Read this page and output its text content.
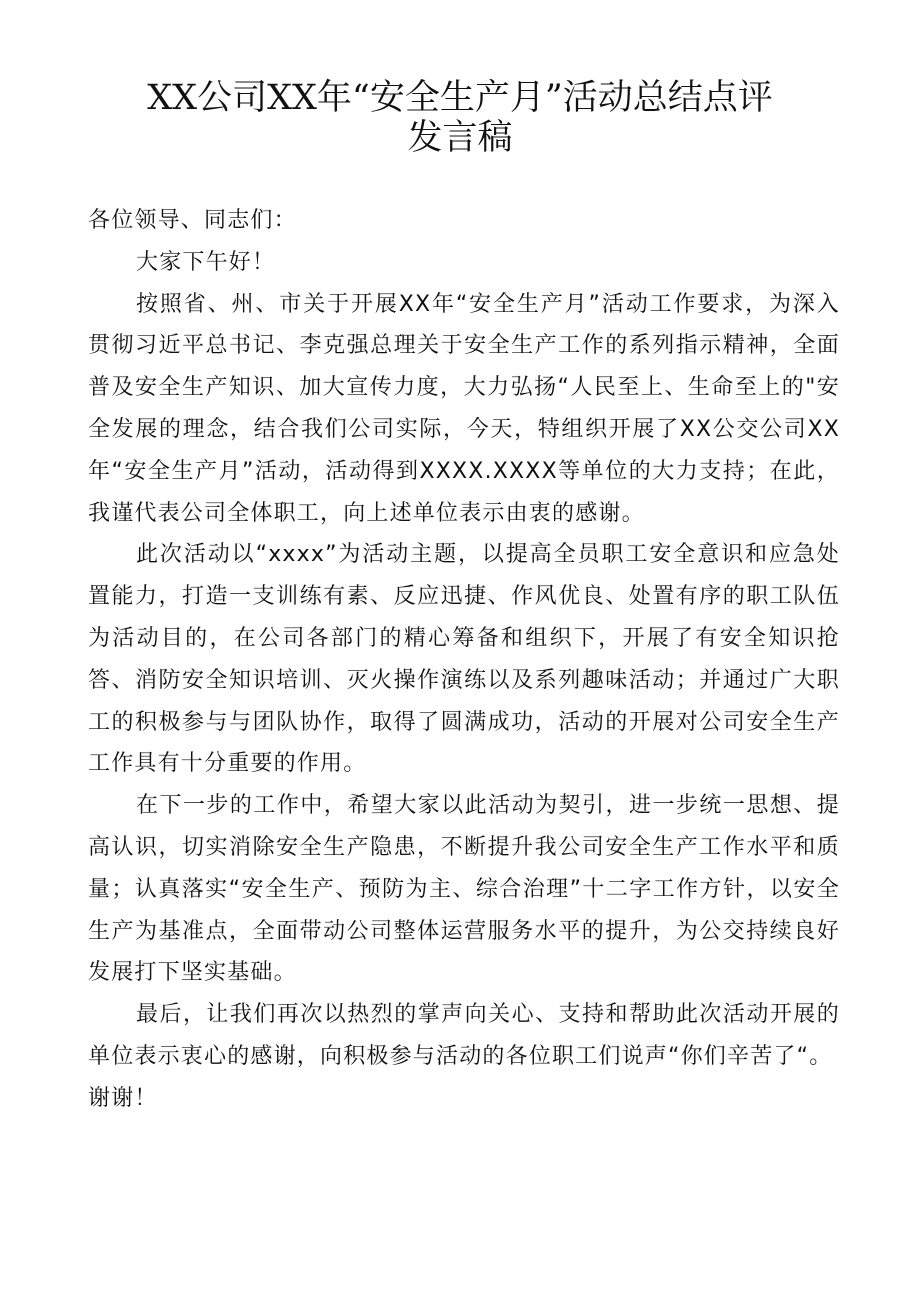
XX公司XX年“安全生产月”活动总结点评
发言稿

各位领导、同志们：

大家下午好！

按照省、州、市关于开展XX年“安全生产月”活动工作要求，为深入贯彻习近平总书记、李克强总理关于安全生产工作的系列指示精神，全面普及安全生产知识、加大宣传力度，大力弘扬“人民至上、生命至上的"安全发展的理念，结合我们公司实际，今天，特组织开展了XX公交公司XX年“安全生产月”活动，活动得到XXXX.XXXX等单位的大力支持；在此，我谨代表公司全体职工，向上述单位表示由衷的感谢。

此次活动以“xxxx”为活动主题，以提高全员职工安全意识和应急处置能力，打造一支训练有素、反应迅捷、作风优良、处置有序的职工队伍为活动目的，在公司各部门的精心筹备和组织下，开展了有安全知识抢答、消防安全知识培训、灭火操作演练以及系列趣味活动；并通过广大职工的积极参与与团队协作，取得了圆满成功，活动的开展对公司安全生产工作具有十分重要的作用。

在下一步的工作中，希望大家以此活动为契引，进一步统一思想、提高认识，切实消除安全生产隐患，不断提升我公司安全生产工作水平和质量；认真落实“安全生产、预防为主、综合治理”十二字工作方针，以安全生产为基准点，全面带动公司整体运营服务水平的提升，为公交持续良好发展打下坚实基础。

最后，让我们再次以热烈的掌声向关心、支持和帮助此次活动开展的单位表示衷心的感谢，向积极参与活动的各位职工们说声“你们辛苦了“。

谢谢！
